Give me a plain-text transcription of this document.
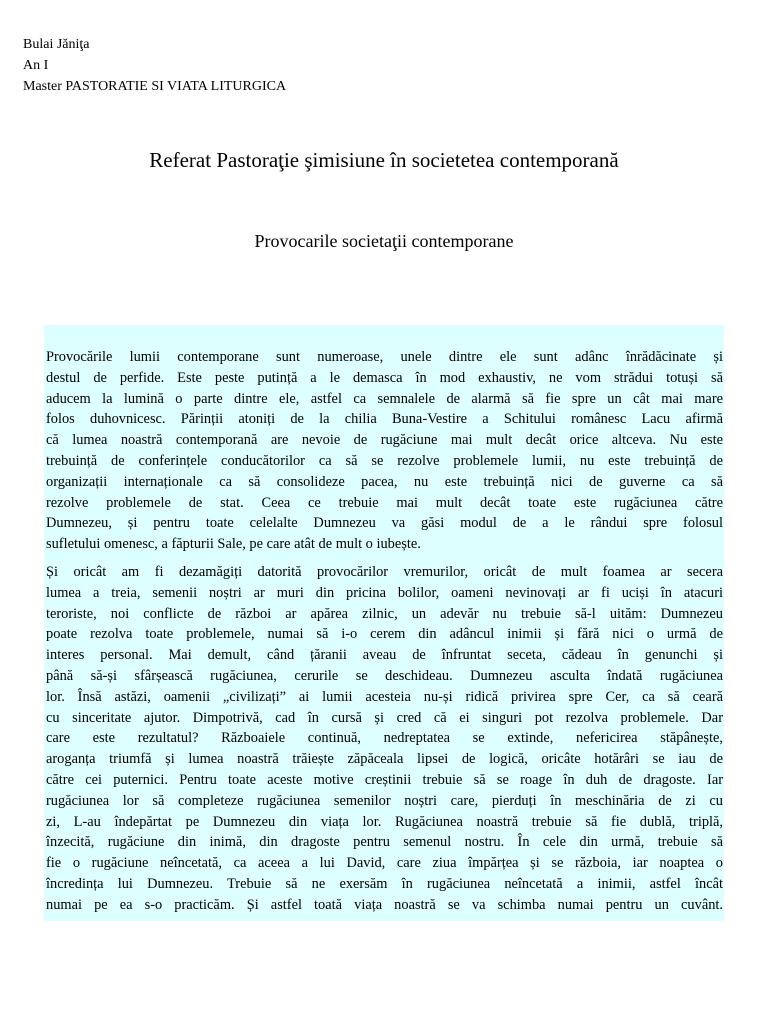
Bulai Jăniţa
An I
Master PASTORATIE SI VIATA LITURGICA
Referat Pastoraţie şimisiune în societetea contemporană
Provocarile societaţii contemporane

Provocările lumii contemporane sunt numeroase, unele dintre ele sunt adânc înrădăcinate și
destul de perfide. Este peste putință a le demasca în mod exhaustiv, ne vom strădui totuși să
aducem la lumină o parte dintre ele, astfel ca semnalele de alarmă să fie spre un cât mai mare
folos duhovnicesc. Părinții atoniți de la chilia Buna-Vestire a Schitului românesc Lacu afirmă
că lumea noastră contemporană are nevoie de rugăciune mai mult decât orice altceva. Nu este
trebuință de conferințele conducătorilor ca să se rezolve problemele lumii, nu este trebuință de
organizații internaționale ca să consolideze pacea, nu este trebuință nici de guverne ca să
rezolve problemele de stat. Ceea ce trebuie mai mult decât toate este rugăciunea către
Dumnezeu, și pentru toate celelalte Dumnezeu va găsi modul de a le rândui spre folosul
sufletului omenesc, a făpturii Sale, pe care atât de mult o iubește.

Și oricât am fi dezamăgiți datorită provocărilor vremurilor, oricât de mult foamea ar secera
lumea a treia, semenii noștri ar muri din pricina bolilor, oameni nevinovați ar fi uciși în atacuri
teroriste, noi conflicte de război ar apărea zilnic, un adevăr nu trebuie să-l uităm: Dumnezeu
poate rezolva toate problemele, numai să i-o cerem din adâncul inimii și fără nici o urmă de
interes personal. Mai demult, când țăranii aveau de înfruntat seceta, cădeau în genunchi și
până să-și sfârșească rugăciunea, cerurile se deschideau. Dumnezeu asculta îndată rugăciunea
lor. Însă astăzi, oamenii „civilizați” ai lumii acesteia nu-și ridică privirea spre Cer, ca să ceară
cu sinceritate ajutor. Dimpotrivă, cad în cursă și cred că ei singuri pot rezolva problemele. Dar
care este rezultatul? Războaiele continuă, nedreptatea se extinde, nefericirea stăpânește,
aroganța triumfă și lumea noastră trăiește zăpăceala lipsei de logică, oricâte hotărâri se iau de
către cei puternici. Pentru toate aceste motive creștinii trebuie să se roage în duh de dragoste. Iar
rugăciunea lor să completeze rugăciunea semenilor noștri care, pierduți în meschinăria de zi cu
zi, L-au îndepărtat pe Dumnezeu din viața lor. Rugăciunea noastră trebuie să fie dublă, triplă,
înzecită, rugăciune din inimă, din dragoste pentru semenul nostru. În cele din urmă, trebuie să
fie o rugăciune neîncetată, ca aceea a lui David, care ziua împărțea și se războia, iar noaptea o
încredința lui Dumnezeu. Trebuie să ne exersăm în rugăciunea neîncetată a inimii, astfel încât
numai pe ea s-o practicăm. Și astfel toată viața noastră se va schimba numai pentru un cuvânt.
